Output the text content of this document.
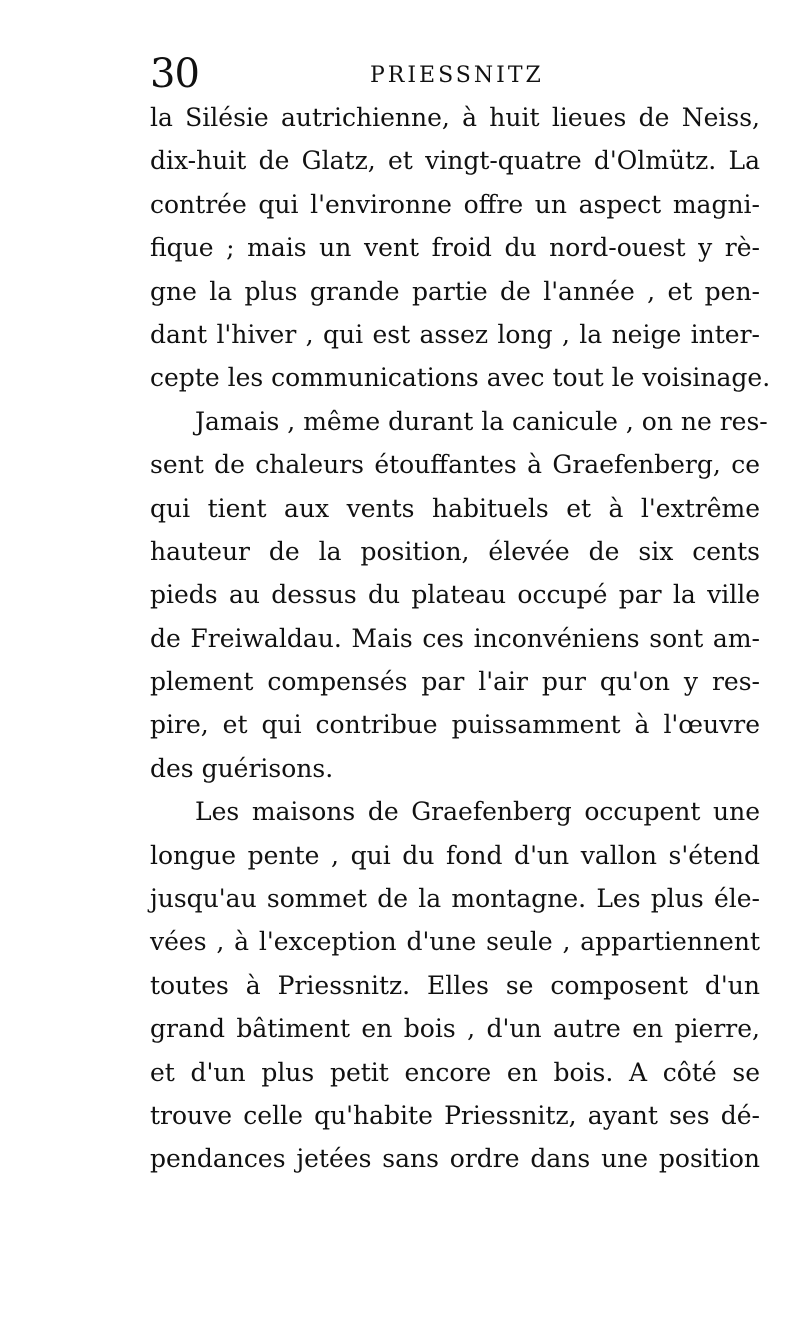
30	PRIESSNITZ
la Silésie autrichienne, à huit lieues de Neiss,
dix-huit de Glatz, et vingt-quatre d'Olmütz. La
contrée qui l'environne offre un aspect magni-
fique ; mais un vent froid du nord-ouest y rè-
gne la plus grande partie de l'année , et pen-
dant l'hiver , qui est assez long , la neige inter-
cepte les communications avec tout le voisinage.
Jamais , même durant la canicule , on ne res-
sent de chaleurs étouffantes à Graefenberg, ce
qui tient aux vents habituels et à l'extrême
hauteur de la position, élevée de six cents
pieds au dessus du plateau occupé par la ville
de Freiwaldau. Mais ces inconvéniens sont am-
plement compensés par l'air pur qu'on y res-
pire, et qui contribue puissamment à l'œuvre
des guérisons.
Les maisons de Graefenberg occupent une
longue pente , qui du fond d'un vallon s'étend
jusqu'au sommet de la montagne. Les plus éle-
vées , à l'exception d'une seule , appartiennent
toutes à Priessnitz. Elles se composent d'un
grand bâtiment en bois , d'un autre en pierre,
et d'un plus petit encore en bois. A côté se
trouve celle qu'habite Priessnitz, ayant ses dé-
pendances jetées sans ordre dans une position
